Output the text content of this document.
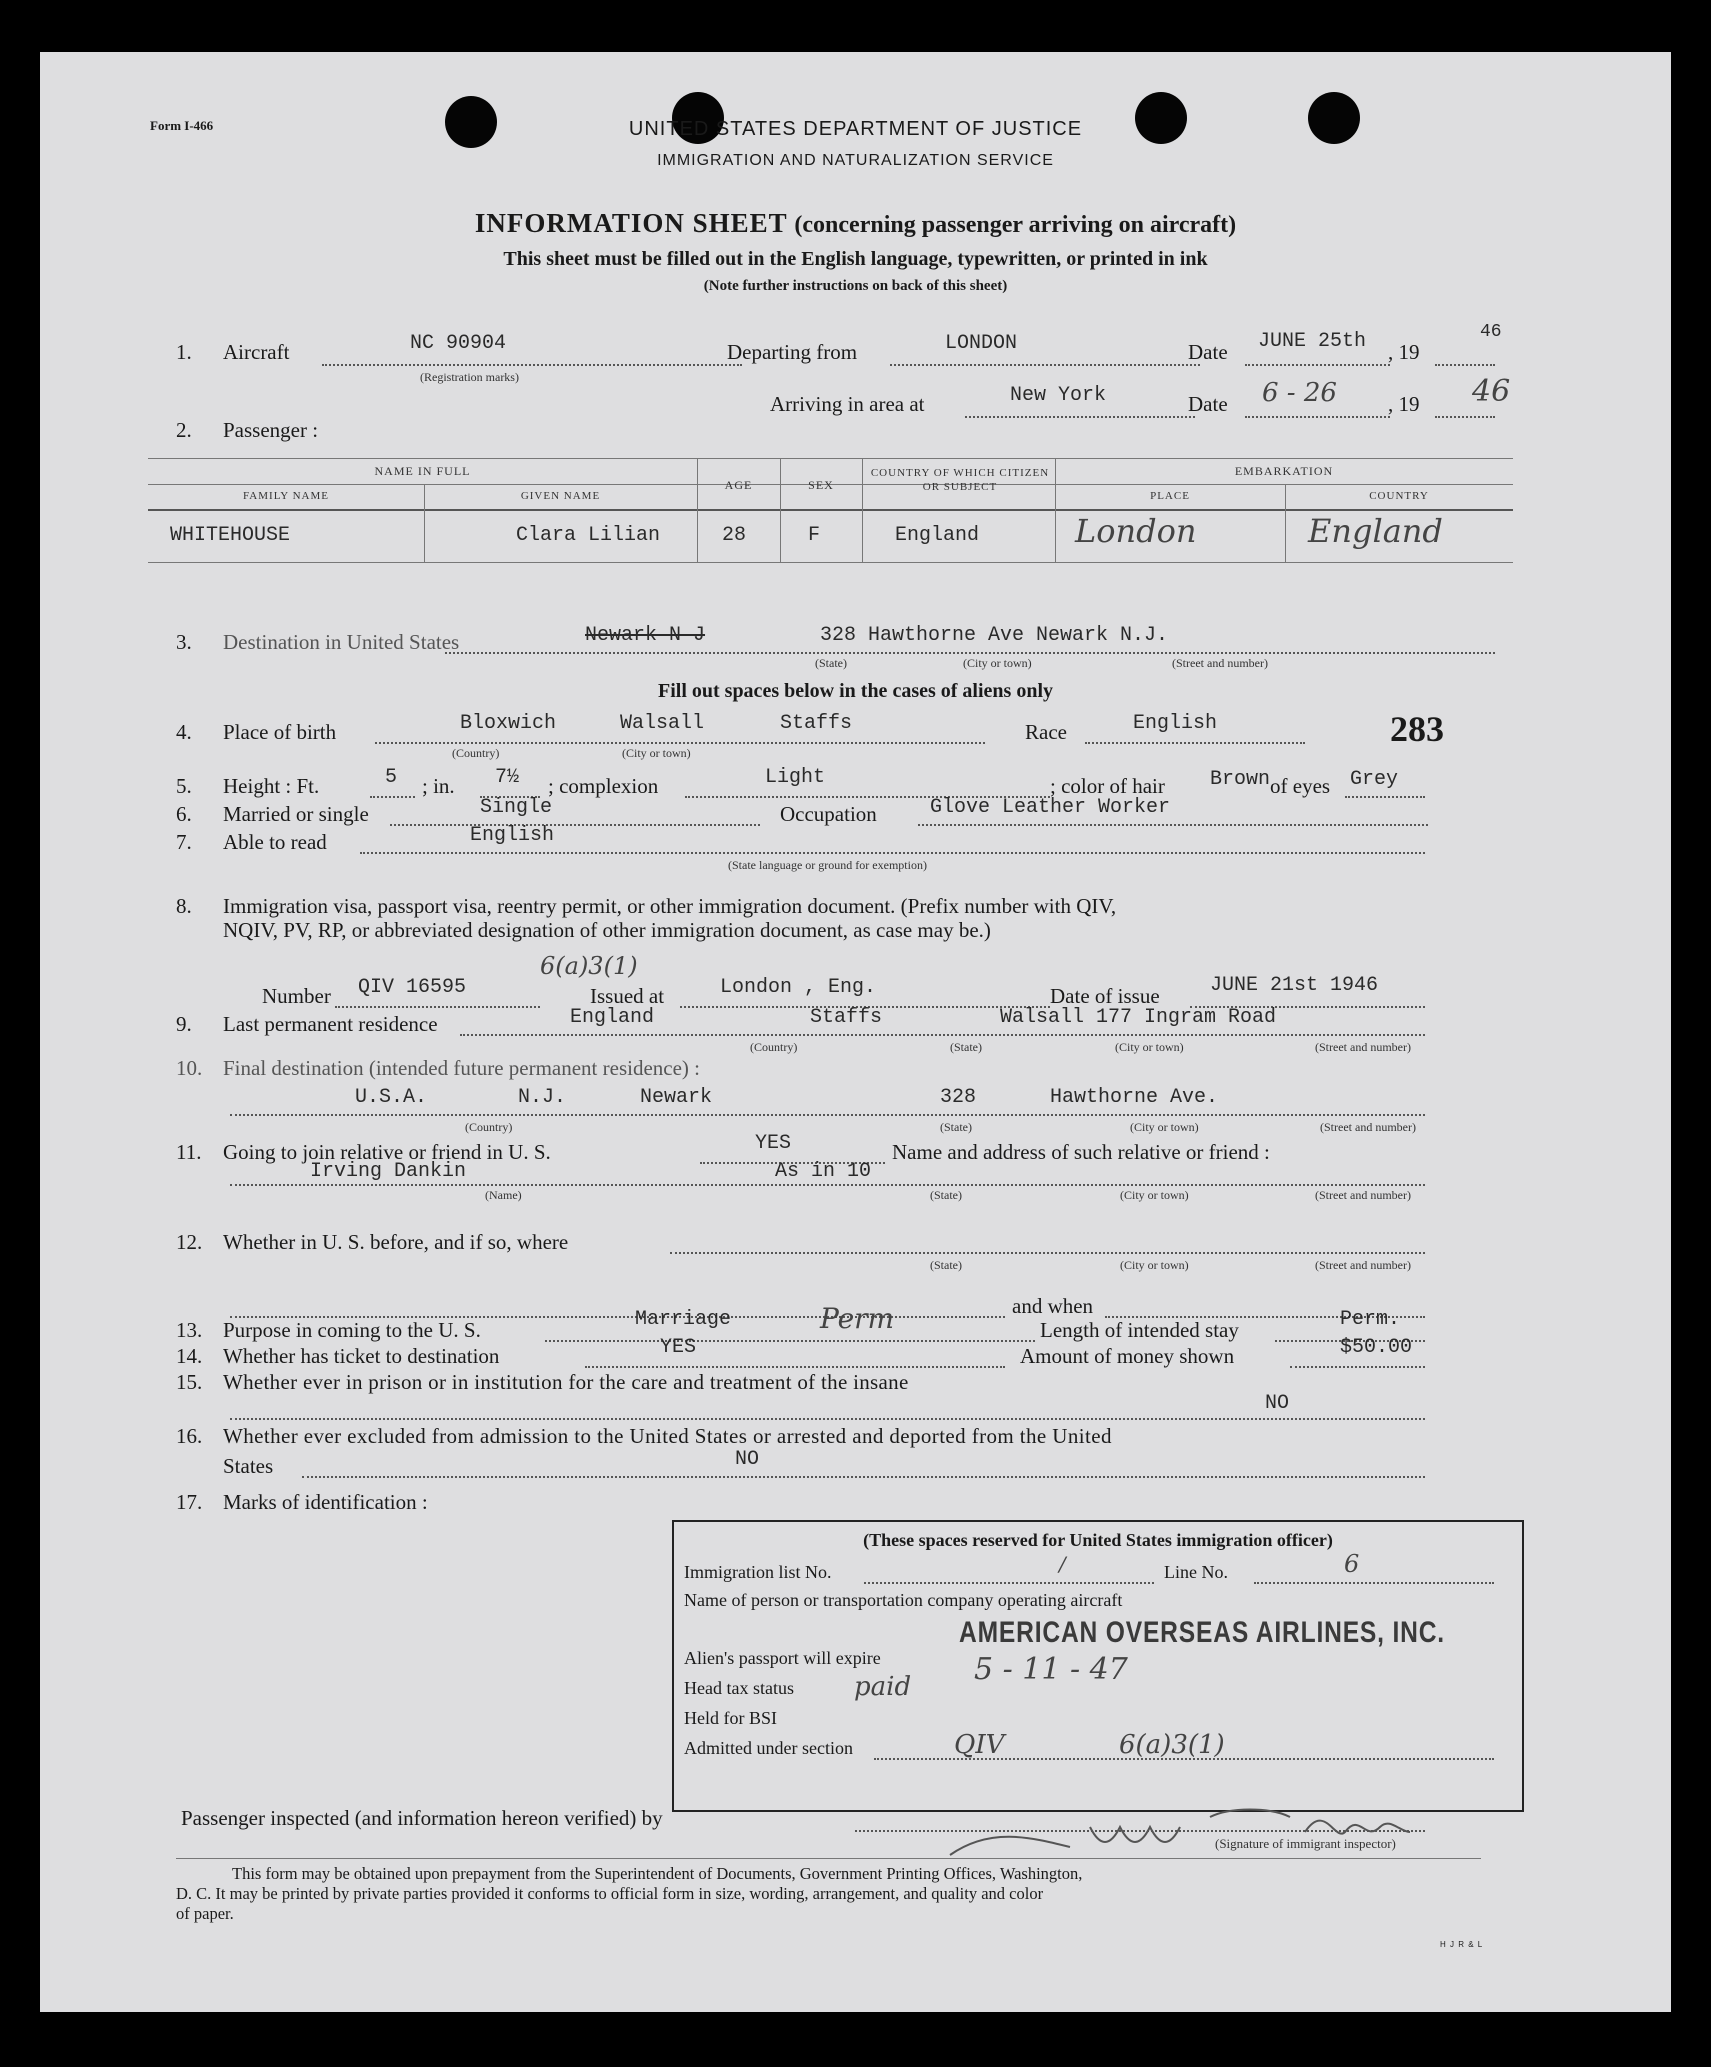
Form I-466	UNITED STATES DEPARTMENT OF JUSTICE
IMMIGRATION AND NATURALIZATION SERVICE
INFORMATION SHEET (concerning passenger arriving on aircraft)
This sheet must be filled out in the English language, typewritten, or printed in ink
(Note further instructions on back of this sheet)
1. Aircraft	NC 90904
(Registration marks)
Departing from	LONDON	Date JUNE 25th , 19
46
Arriving in area at	New York	Date 6 - 26 , 19 46
2. Passenger :
NAME IN FULL
FAMILY NAME	GIVEN NAME
AGE	SEX
COUNTRY OF WHICH CITIZEN OR SUBJECT
EMBARKATION
PLACE	COUNTRY
WHITEHOUSE	Clara Lilian	28	F	England	London	England
3. Destination in United States	Newark N J	328 Hawthorne Ave Newark N.J.
(State)	(City or town)	(Street and number)
Fill out spaces below in the cases of aliens only
4. Place of birth	Bloxwich	Walsall	Staffs
(Country)	(City or town)
Race	English	283
5. Height : Ft.	5 ; in. 7½ ; complexion	Light	; color of hair Brown of eyes Grey
6. Married or single	Single	Occupation	Glove Leather Worker
7. Able to read	English
(State language or ground for exemption)
8. Immigration visa, passport visa, reentry permit, or other immigration document. (Prefix number with QIV,
NQIV, PV, RP, or abbreviated designation of other immigration document, as case may be.)
Number QIV 16595
6(a)3(1)
Issued at	London , Eng.	Date of issue	JUNE 21st 1946
9. Last permanent residence	England	Staffs	Walsall 177 Ingram Road
(Country)	(State)	(City or town)	(Street and number)
10. Final destination (intended future permanent residence) :
U.S.A.	N.J.	Newark	328	Hawthorne Ave.
(Country)	(State)	(City or town)	(Street and number)
11. Going to join relative or friend in U. S.	YES	Name and address of such relative or friend :
Irving Dankin	As in 10
(Name)	(State)	(City or town)	(Street and number)
12. Whether in U. S. before, and if so, where
(State)	(City or town)	(Street and number)
and when
13. Purpose in coming to the U. S.	Marriage	Perm	Length of intended stay	Perm.
14. Whether has ticket to destination	YES	Amount of money shown	$50.00
15. Whether ever in prison or in institution for the care and treatment of the insane
NO
16. Whether ever excluded from admission to the United States or arrested and deported from the United
States	NO
17. Marks of identification :
(These spaces reserved for United States immigration officer)
Immigration list No.	/	Line No.	6
Name of person or transportation company operating aircraft
AMERICAN OVERSEAS AIRLINES, INC.
Alien's passport will expire	5 - 11 - 47
Head tax status paid
Held for BSI
Admitted under section	QIV	6(a)3(1)
Passenger inspected (and information hereon verified) by
(Signature of immigrant inspector)
This form may be obtained upon prepayment from the Superintendent of Documents, Government Printing Offices, Washington,
D. C. It may be printed by private parties provided it conforms to official form in size, wording, arrangement, and quality and color
of paper.
H J R & L
